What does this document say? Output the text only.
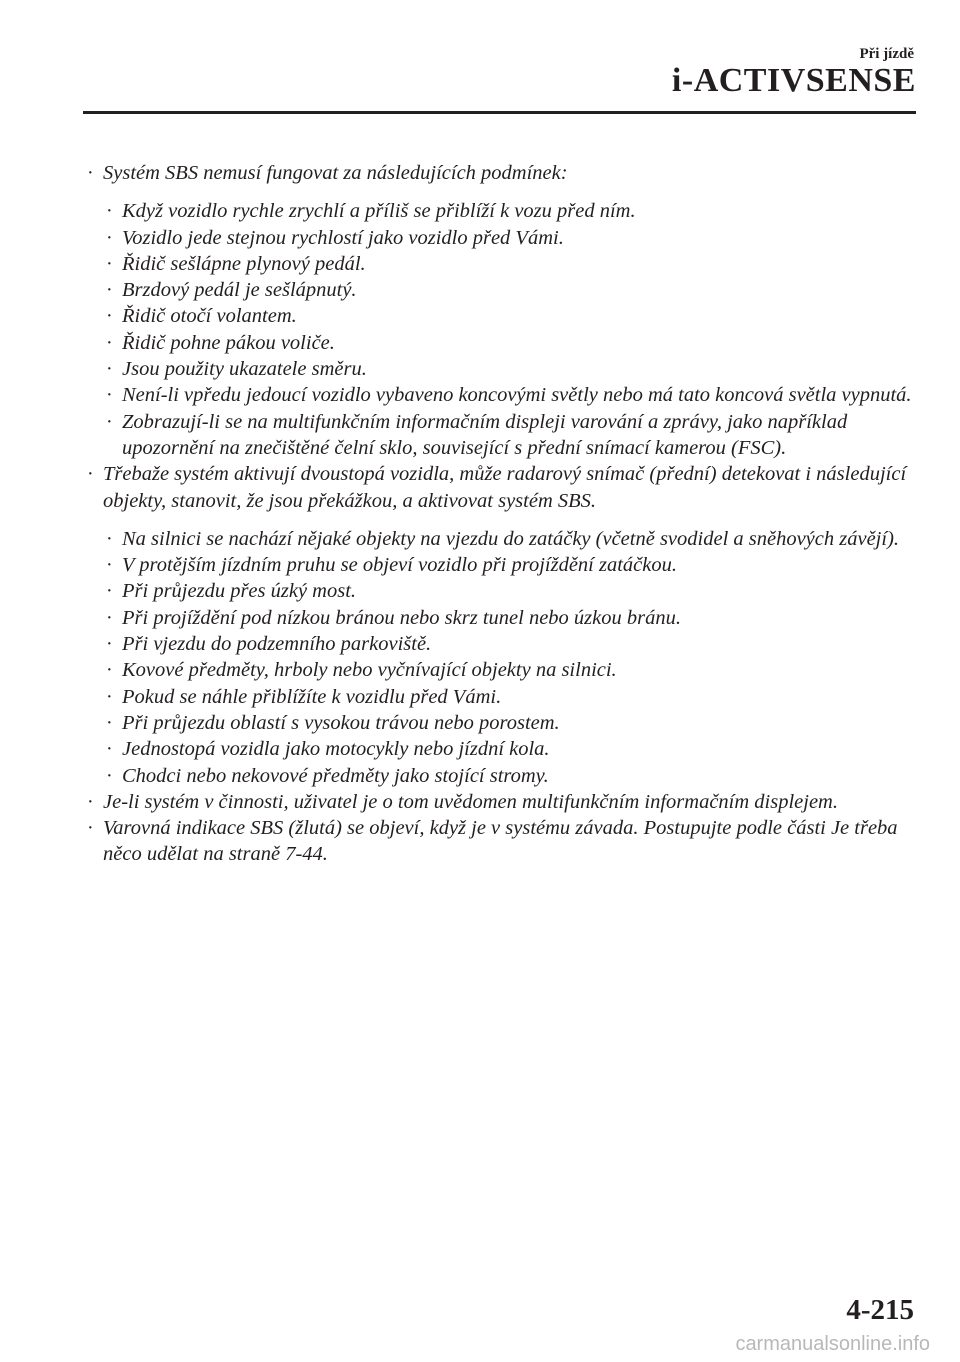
Při jízdě
i-ACTIVSENSE
· Systém SBS nemusí fungovat za následujících podmínek:
· Když vozidlo rychle zrychlí a příliš se přiblíží k vozu před ním.
· Vozidlo jede stejnou rychlostí jako vozidlo před Vámi.
· Řidič sešlápne plynový pedál.
· Brzdový pedál je sešlápnutý.
· Řidič otočí volantem.
· Řidič pohne pákou voliče.
· Jsou použity ukazatele směru.
· Není-li vpředu jedoucí vozidlo vybaveno koncovými světly nebo má tato koncová světla vypnutá.
· Zobrazují-li se na multifunkčním informačním displeji varování a zprávy, jako například upozornění na znečištěné čelní sklo, související s přední snímací kamerou (FSC).
· Třebaže systém aktivují dvoustopá vozidla, může radarový snímač (přední) detekovat i následující objekty, stanovit, že jsou překážkou, a aktivovat systém SBS.
· Na silnici se nachází nějaké objekty na vjezdu do zatáčky (včetně svodidel a sněhových závějí).
· V protějším jízdním pruhu se objeví vozidlo při projíždění zatáčkou.
· Při průjezdu přes úzký most.
· Při projíždění pod nízkou bránou nebo skrz tunel nebo úzkou bránu.
· Při vjezdu do podzemního parkoviště.
· Kovové předměty, hrboly nebo vyčnívající objekty na silnici.
· Pokud se náhle přiblížíte k vozidlu před Vámi.
· Při průjezdu oblastí s vysokou trávou nebo porostem.
· Jednostopá vozidla jako motocykly nebo jízdní kola.
· Chodci nebo nekovové předměty jako stojící stromy.
· Je-li systém v činnosti, uživatel je o tom uvědomen multifunkčním informačním displejem.
· Varovná indikace SBS (žlutá) se objeví, když je v systému závada. Postupujte podle části Je třeba něco udělat na straně 7-44.
4-215
carmanualsonline.info
